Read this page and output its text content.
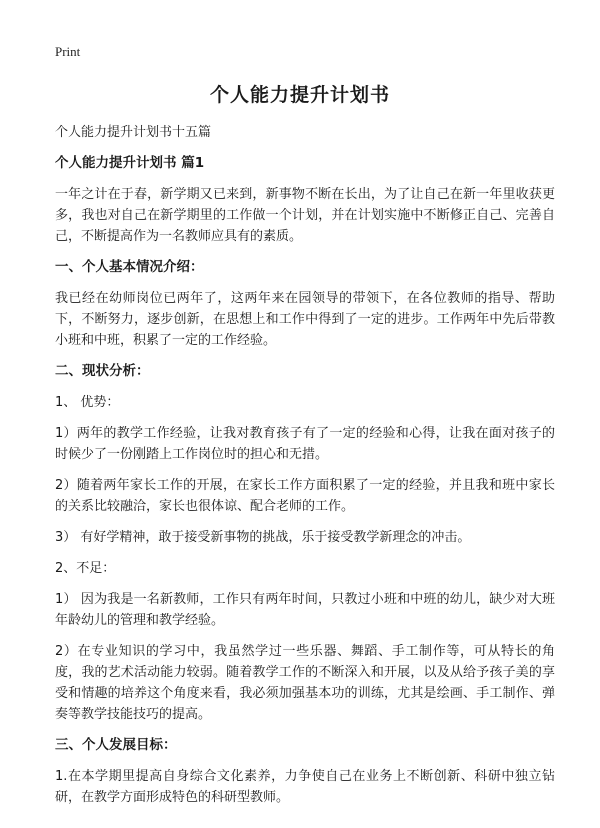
Print
个人能力提升计划书

个人能力提升计划书十五篇

个人能力提升计划书 篇1

一年之计在于春，新学期又已来到，新事物不断在长出，为了让自己在新一年里收获更多，我也对自己在新学期里的工作做一个计划，并在计划实施中不断修正自己、完善自己，不断提高作为一名教师应具有的素质。

一、个人基本情况介绍：

我已经在幼师岗位已两年了，这两年来在园领导的带领下，在各位教师的指导、帮助下，不断努力，逐步创新，在思想上和工作中得到了一定的进步。工作两年中先后带教小班和中班，积累了一定的工作经验。

二、现状分析：

1、 优势：

1）两年的教学工作经验，让我对教育孩子有了一定的经验和心得，让我在面对孩子的时候少了一份刚踏上工作岗位时的担心和无措。

2）随着两年家长工作的开展，在家长工作方面积累了一定的经验，并且我和班中家长的关系比较融洽，家长也很体谅、配合老师的工作。

3） 有好学精神，敢于接受新事物的挑战，乐于接受教学新理念的冲击。

2、不足：

1） 因为我是一名新教师，工作只有两年时间，只教过小班和中班的幼儿，缺少对大班年龄幼儿的管理和教学经验。

2）在专业知识的学习中，我虽然学过一些乐器、舞蹈、手工制作等，可从特长的角度，我的艺术活动能力较弱。随着教学工作的不断深入和开展，以及从给予孩子美的享受和情趣的培养这个角度来看，我必须加强基本功的训练，尤其是绘画、手工制作、弹奏等教学技能技巧的提高。

三、个人发展目标：

1.在本学期里提高自身综合文化素养，力争使自己在业务上不断创新、科研中独立钻研，在教学方面形成特色的科研型教师。
